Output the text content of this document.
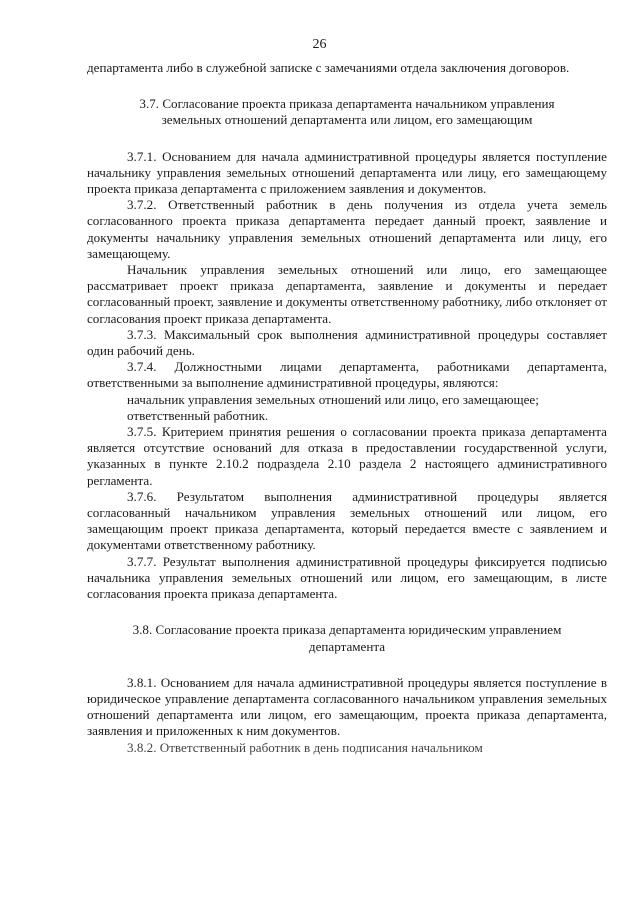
26
департамента либо в служебной записке с замечаниями отдела заключения договоров.
3.7. Согласование проекта приказа департамента начальником управления
земельных отношений департамента или лицом, его замещающим
3.7.1. Основанием для начала административной процедуры является поступление начальнику управления земельных отношений департамента или лицу, его замещающему проекта приказа департамента с приложением заявления и документов.
3.7.2. Ответственный работник в день получения из отдела учета земель согласованного проекта приказа департамента передает данный проект, заявление и документы начальнику управления земельных отношений департамента или лицу, его замещающему.
Начальник управления земельных отношений или лицо, его замещающее рассматривает проект приказа департамента, заявление и документы и передает согласованный проект, заявление и документы ответственному работнику, либо отклоняет от согласования проект приказа департамента.
3.7.3. Максимальный срок выполнения административной процедуры составляет один рабочий день.
3.7.4. Должностными лицами департамента, работниками департамента, ответственными за выполнение административной процедуры, являются:
начальник управления земельных отношений или лицо, его замещающее;
ответственный работник.
3.7.5. Критерием принятия решения о согласовании проекта приказа департамента является отсутствие оснований для отказа в предоставлении государственной услуги, указанных в пункте 2.10.2 подраздела 2.10 раздела 2 настоящего административного регламента.
3.7.6. Результатом выполнения административной процедуры является согласованный начальником управления земельных отношений или лицом, его замещающим проект приказа департамента, который передается вместе с заявлением и документами ответственному работнику.
3.7.7. Результат выполнения административной процедуры фиксируется подписью начальника управления земельных отношений или лицом, его замещающим, в листе согласования проекта приказа департамента.
3.8. Согласование проекта приказа департамента юридическим управлением
департамента
3.8.1. Основанием для начала административной процедуры является поступление в юридическое управление департамента согласованного начальником управления земельных отношений департамента или лицом, его замещающим, проекта приказа департамента, заявления и приложенных к ним документов.
3.8.2. Ответственный работник в день подписания начальником
